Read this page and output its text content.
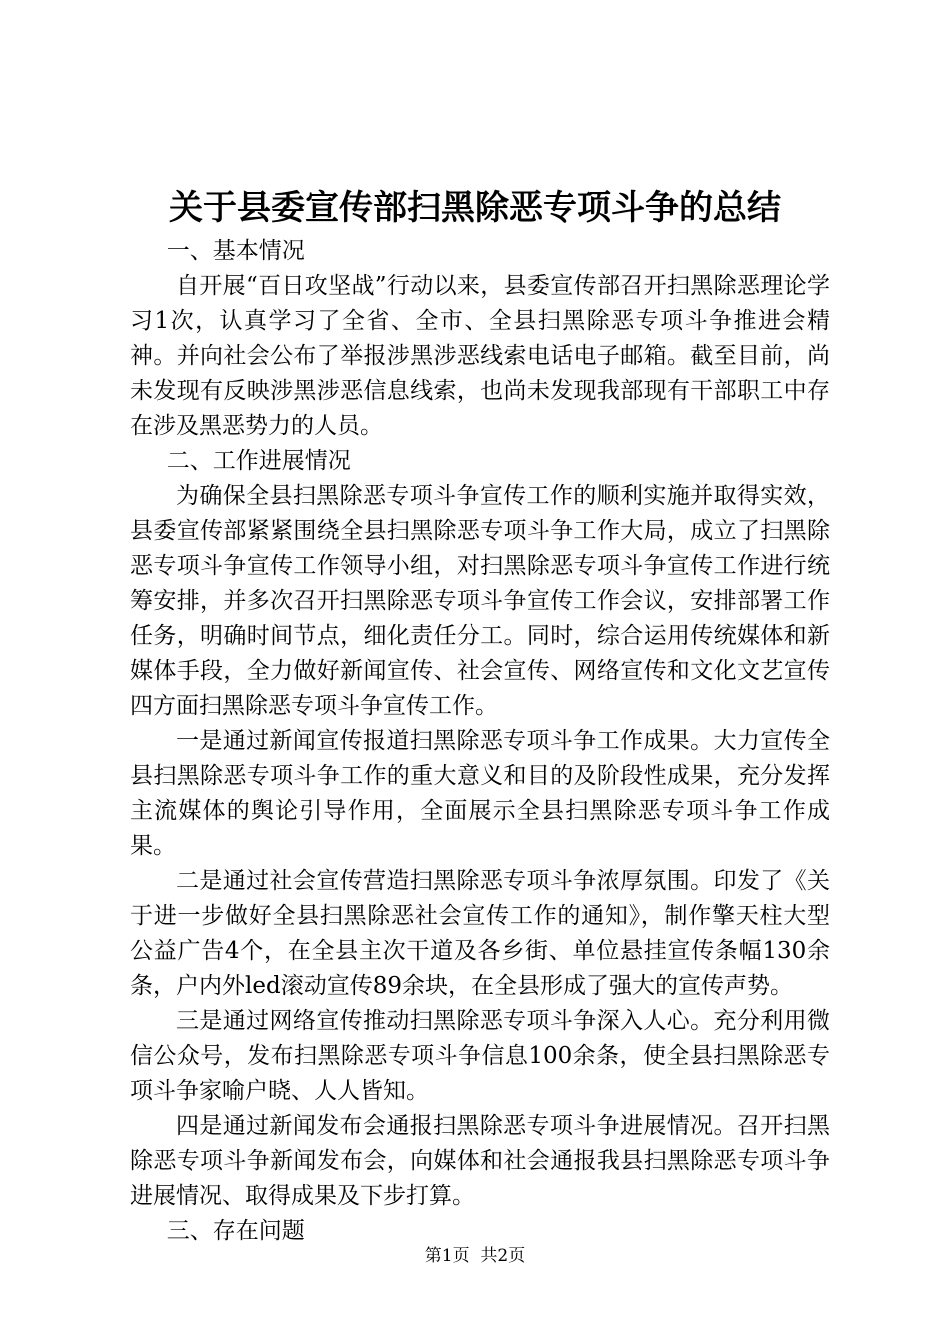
关于县委宣传部扫黑除恶专项斗争的总结

一、基本情况

自开展“百日攻坚战”行动以来，县委宣传部召开扫黑除恶理论学习1次，认真学习了全省、全市、全县扫黑除恶专项斗争推进会精神。并向社会公布了举报涉黑涉恶线索电话电子邮箱。截至目前，尚未发现有反映涉黑涉恶信息线索，也尚未发现我部现有干部职工中存在涉及黑恶势力的人员。

二、工作进展情况

为确保全县扫黑除恶专项斗争宣传工作的顺利实施并取得实效，县委宣传部紧紧围绕全县扫黑除恶专项斗争工作大局，成立了扫黑除恶专项斗争宣传工作领导小组，对扫黑除恶专项斗争宣传工作进行统筹安排，并多次召开扫黑除恶专项斗争宣传工作会议，安排部署工作任务，明确时间节点，细化责任分工。同时，综合运用传统媒体和新媒体手段，全力做好新闻宣传、社会宣传、网络宣传和文化文艺宣传四方面扫黑除恶专项斗争宣传工作。

一是通过新闻宣传报道扫黑除恶专项斗争工作成果。大力宣传全县扫黑除恶专项斗争工作的重大意义和目的及阶段性成果，充分发挥主流媒体的舆论引导作用，全面展示全县扫黑除恶专项斗争工作成果。

二是通过社会宣传营造扫黑除恶专项斗争浓厚氛围。印发了《关于进一步做好全县扫黑除恶社会宣传工作的通知》，制作擎天柱大型公益广告4个，在全县主次干道及各乡街、单位悬挂宣传条幅130余条，户内外led滚动宣传89余块，在全县形成了强大的宣传声势。

三是通过网络宣传推动扫黑除恶专项斗争深入人心。充分利用微信公众号，发布扫黑除恶专项斗争信息100余条，使全县扫黑除恶专项斗争家喻户晓、人人皆知。

四是通过新闻发布会通报扫黑除恶专项斗争进展情况。召开扫黑除恶专项斗争新闻发布会，向媒体和社会通报我县扫黑除恶专项斗争进展情况、取得成果及下步打算。

三、存在问题

第1页  共2页
